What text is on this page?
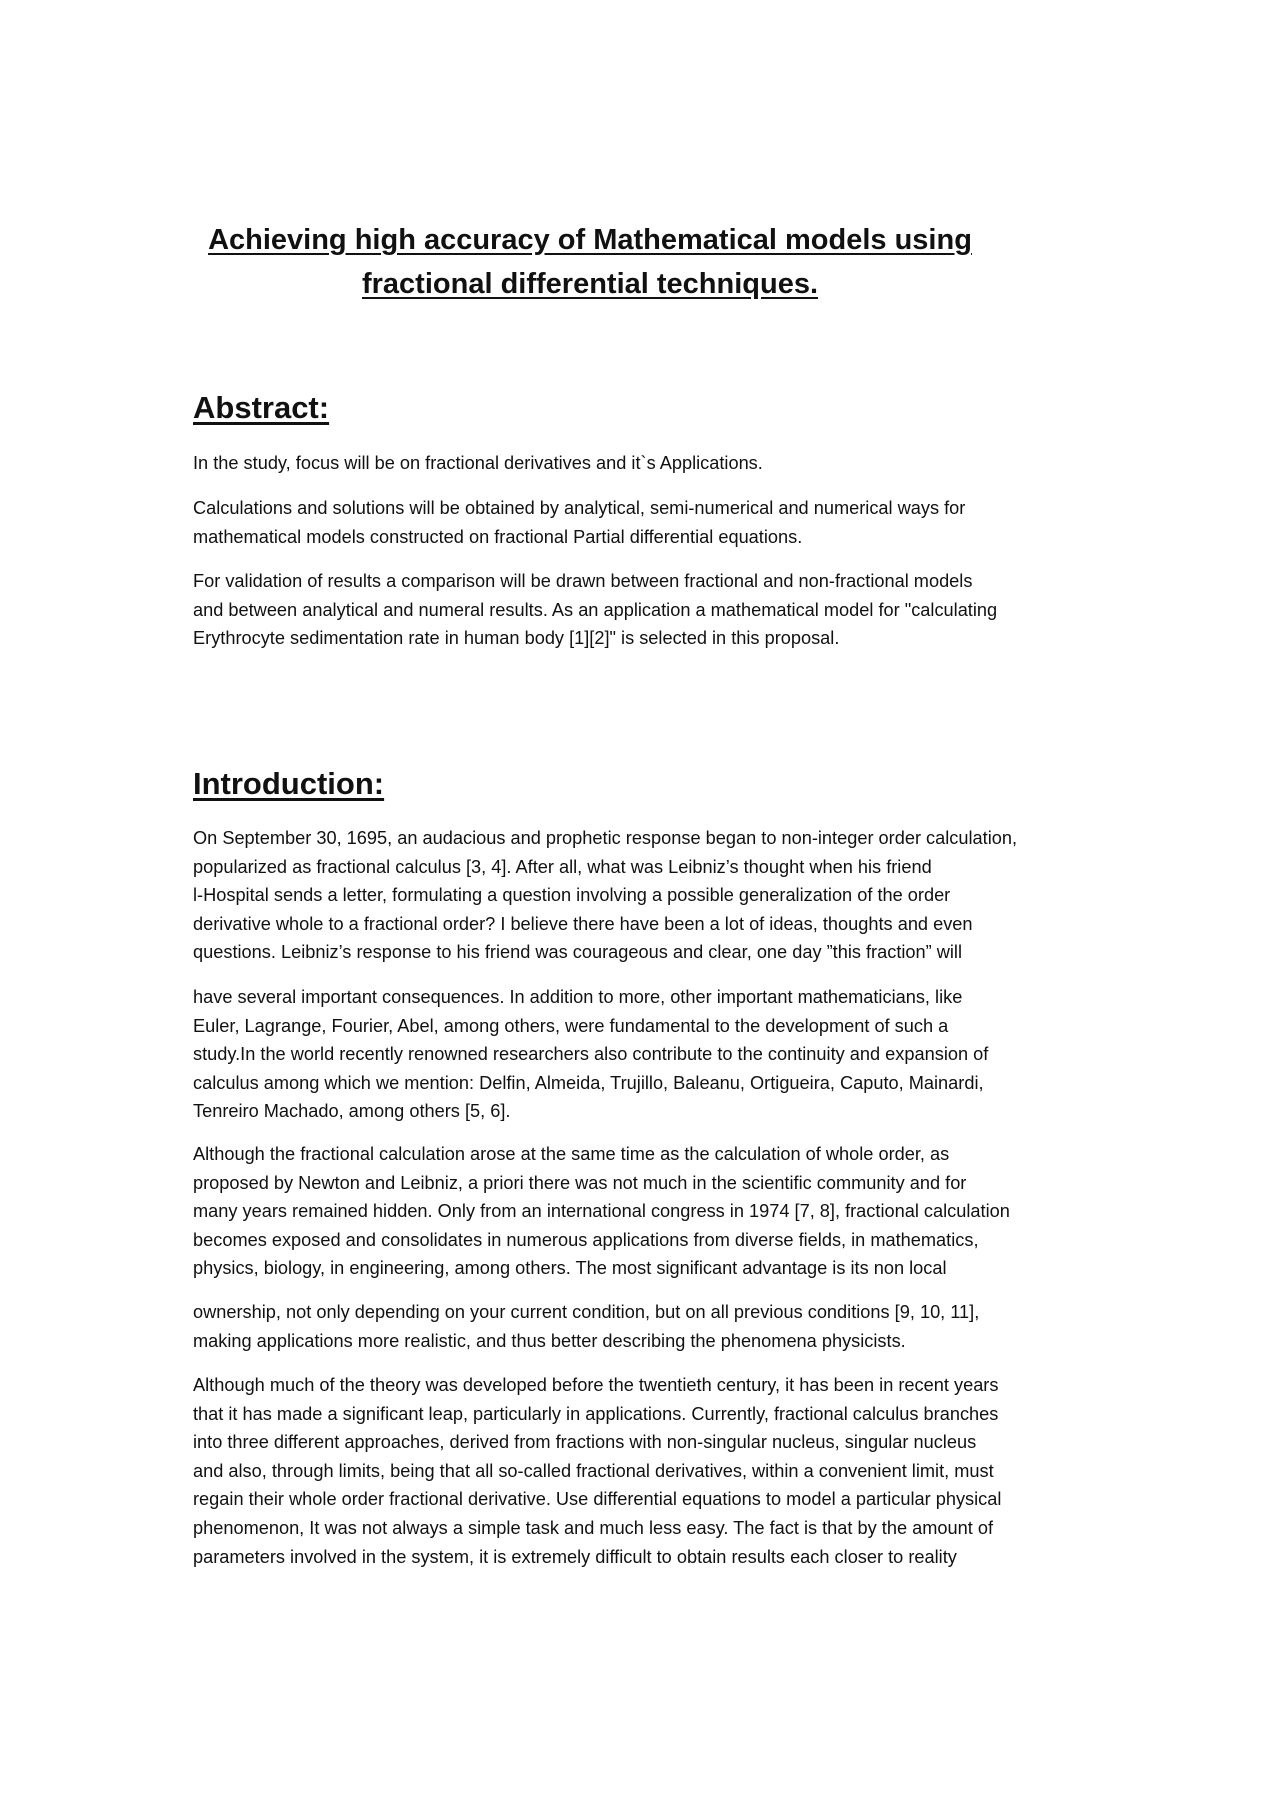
Achieving high accuracy of Mathematical models using
fractional differential techniques.
Abstract:

In the study, focus will be on fractional derivatives and it`s Applications.

Calculations and solutions will be obtained by analytical, semi-numerical and numerical ways for
mathematical models constructed on fractional Partial differential equations.

For validation of results a comparison will be drawn between fractional and non-fractional models
and between analytical and numeral results. As an application a mathematical model for "calculating
Erythrocyte sedimentation rate in human body [1][2]" is selected in this proposal.

Introduction:

On September 30, 1695, an audacious and prophetic response began to non-integer order calculation,
popularized as fractional calculus [3, 4]. After all, what was Leibniz’s thought when his friend
l-Hospital sends a letter, formulating a question involving a possible generalization of the order
derivative whole to a fractional order? I believe there have been a lot of ideas, thoughts and even
questions. Leibniz’s response to his friend was courageous and clear, one day ”this fraction” will

have several important consequences. In addition to more, other important mathematicians, like
Euler, Lagrange, Fourier, Abel, among others, were fundamental to the development of such a
study.In the world recently renowned researchers also contribute to the continuity and expansion of
calculus among which we mention: Delfin, Almeida, Trujillo, Baleanu, Ortigueira, Caputo, Mainardi,
Tenreiro Machado, among others [5, 6].

Although the fractional calculation arose at the same time as the calculation of whole order, as
proposed by Newton and Leibniz, a priori there was not much in the scientific community and for
many years remained hidden. Only from an international congress in 1974 [7, 8], fractional calculation
becomes exposed and consolidates in numerous applications from diverse fields, in mathematics,
physics, biology, in engineering, among others. The most significant advantage is its non local

ownership, not only depending on your current condition, but on all previous conditions [9, 10, 11],
making applications more realistic, and thus better describing the phenomena physicists.

Although much of the theory was developed before the twentieth century, it has been in recent years
that it has made a significant leap, particularly in applications. Currently, fractional calculus branches
into three different approaches, derived from fractions with non-singular nucleus, singular nucleus
and also, through limits, being that all so-called fractional derivatives, within a convenient limit, must
regain their whole order fractional derivative. Use differential equations to model a particular physical
phenomenon, It was not always a simple task and much less easy. The fact is that by the amount of
parameters involved in the system, it is extremely difficult to obtain results each closer to reality
